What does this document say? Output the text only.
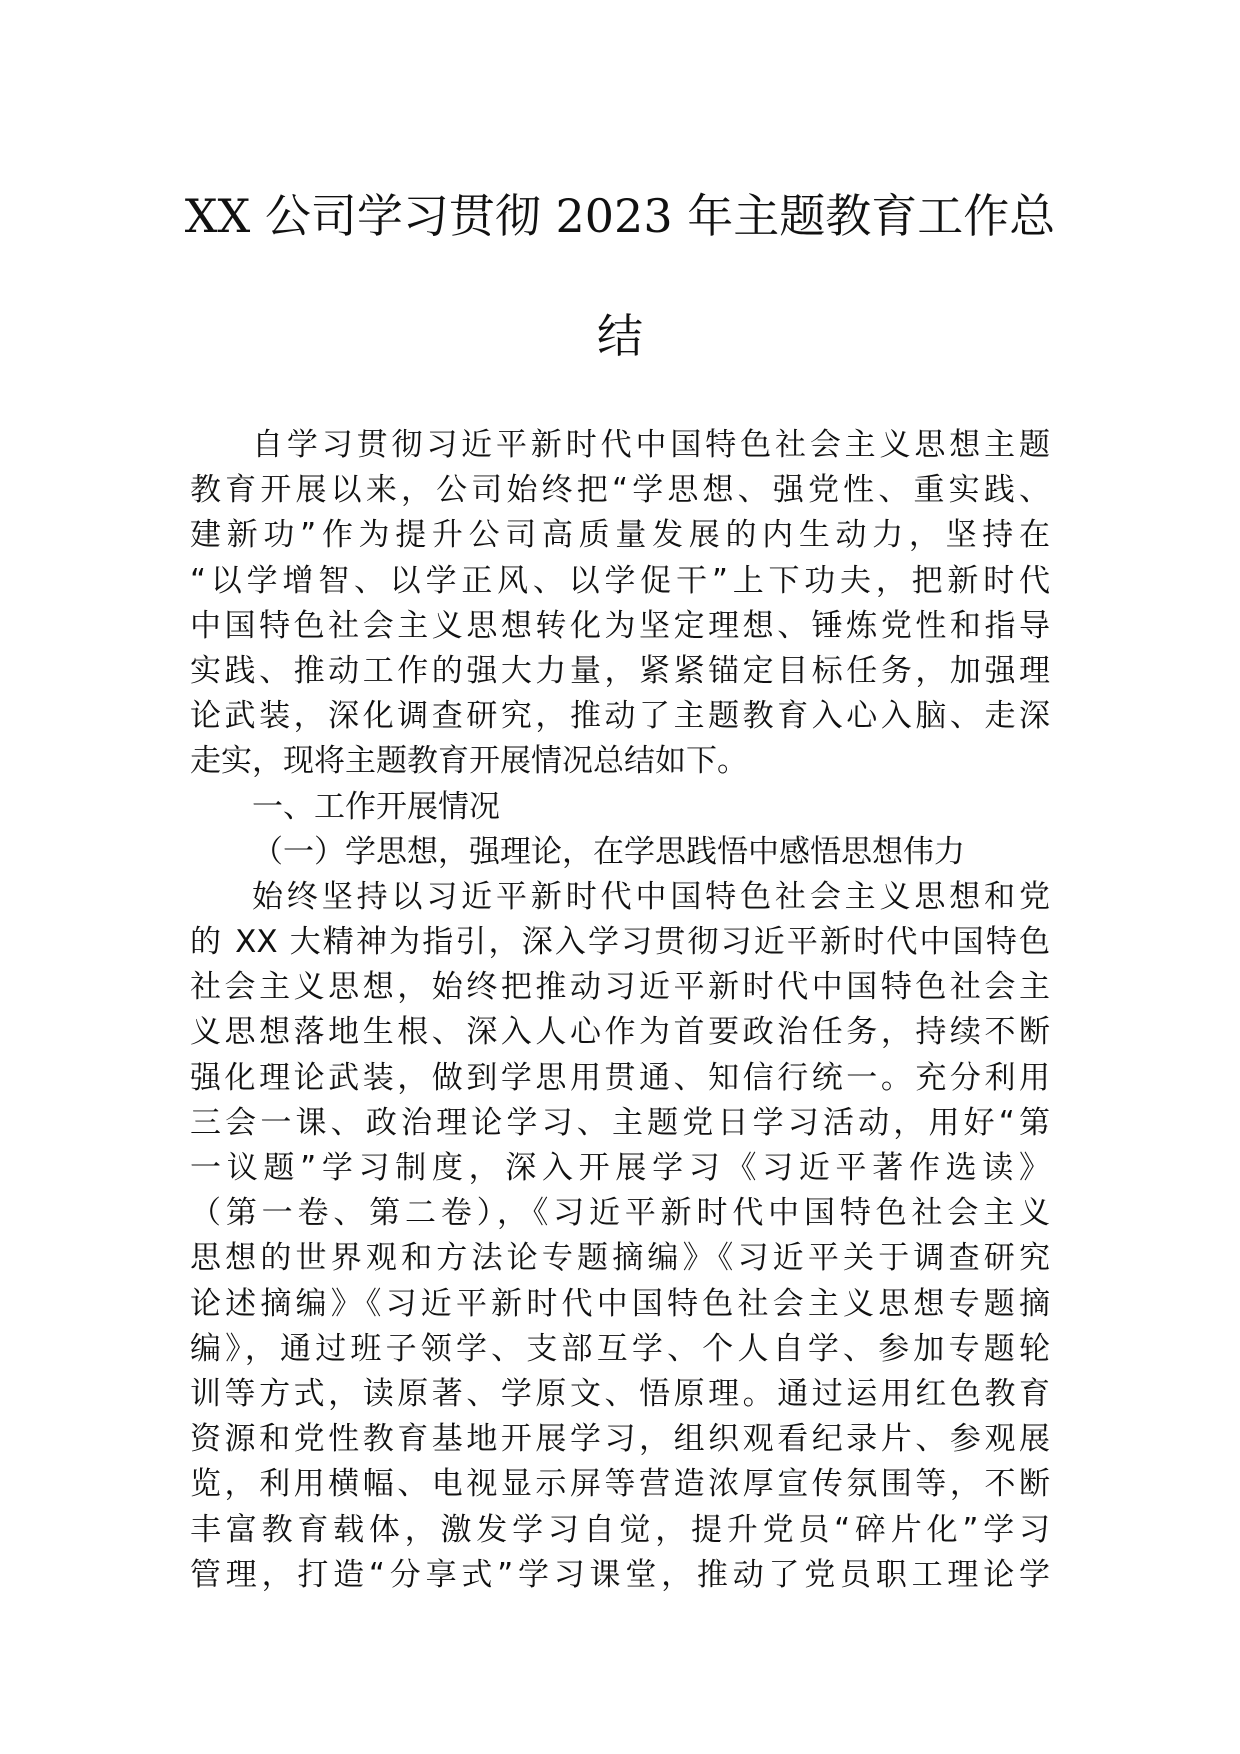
XX 公司学习贯彻 2023 年主题教育工作总
结
自学习贯彻习近平新时代中国特色社会主义思想主题
教育开展以来，公司始终把“学思想、强党性、重实践、
建新功”作为提升公司高质量发展的内生动力，坚持在
“以学增智、以学正风、以学促干”上下功夫，把新时代
中国特色社会主义思想转化为坚定理想、锤炼党性和指导
实践、推动工作的强大力量，紧紧锚定目标任务，加强理
论武装，深化调查研究，推动了主题教育入心入脑、走深
走实，现将主题教育开展情况总结如下。
一、工作开展情况
（一）学思想，强理论，在学思践悟中感悟思想伟力
始终坚持以习近平新时代中国特色社会主义思想和党
的 XX 大精神为指引，深入学习贯彻习近平新时代中国特色
社会主义思想，始终把推动习近平新时代中国特色社会主
义思想落地生根、深入人心作为首要政治任务，持续不断
强化理论武装，做到学思用贯通、知信行统一。充分利用
三会一课、政治理论学习、主题党日学习活动，用好“第
一议题”学习制度，深入开展学习《习近平著作选读》
（第一卷、第二卷），《习近平新时代中国特色社会主义
思想的世界观和方法论专题摘编》《习近平关于调查研究
论述摘编》《习近平新时代中国特色社会主义思想专题摘
编》，通过班子领学、支部互学、个人自学、参加专题轮
训等方式，读原著、学原文、悟原理。通过运用红色教育
资源和党性教育基地开展学习，组织观看纪录片、参观展
览，利用横幅、电视显示屏等营造浓厚宣传氛围等，不断
丰富教育载体，激发学习自觉，提升党员“碎片化”学习
管理，打造“分享式”学习课堂，推动了党员职工理论学
